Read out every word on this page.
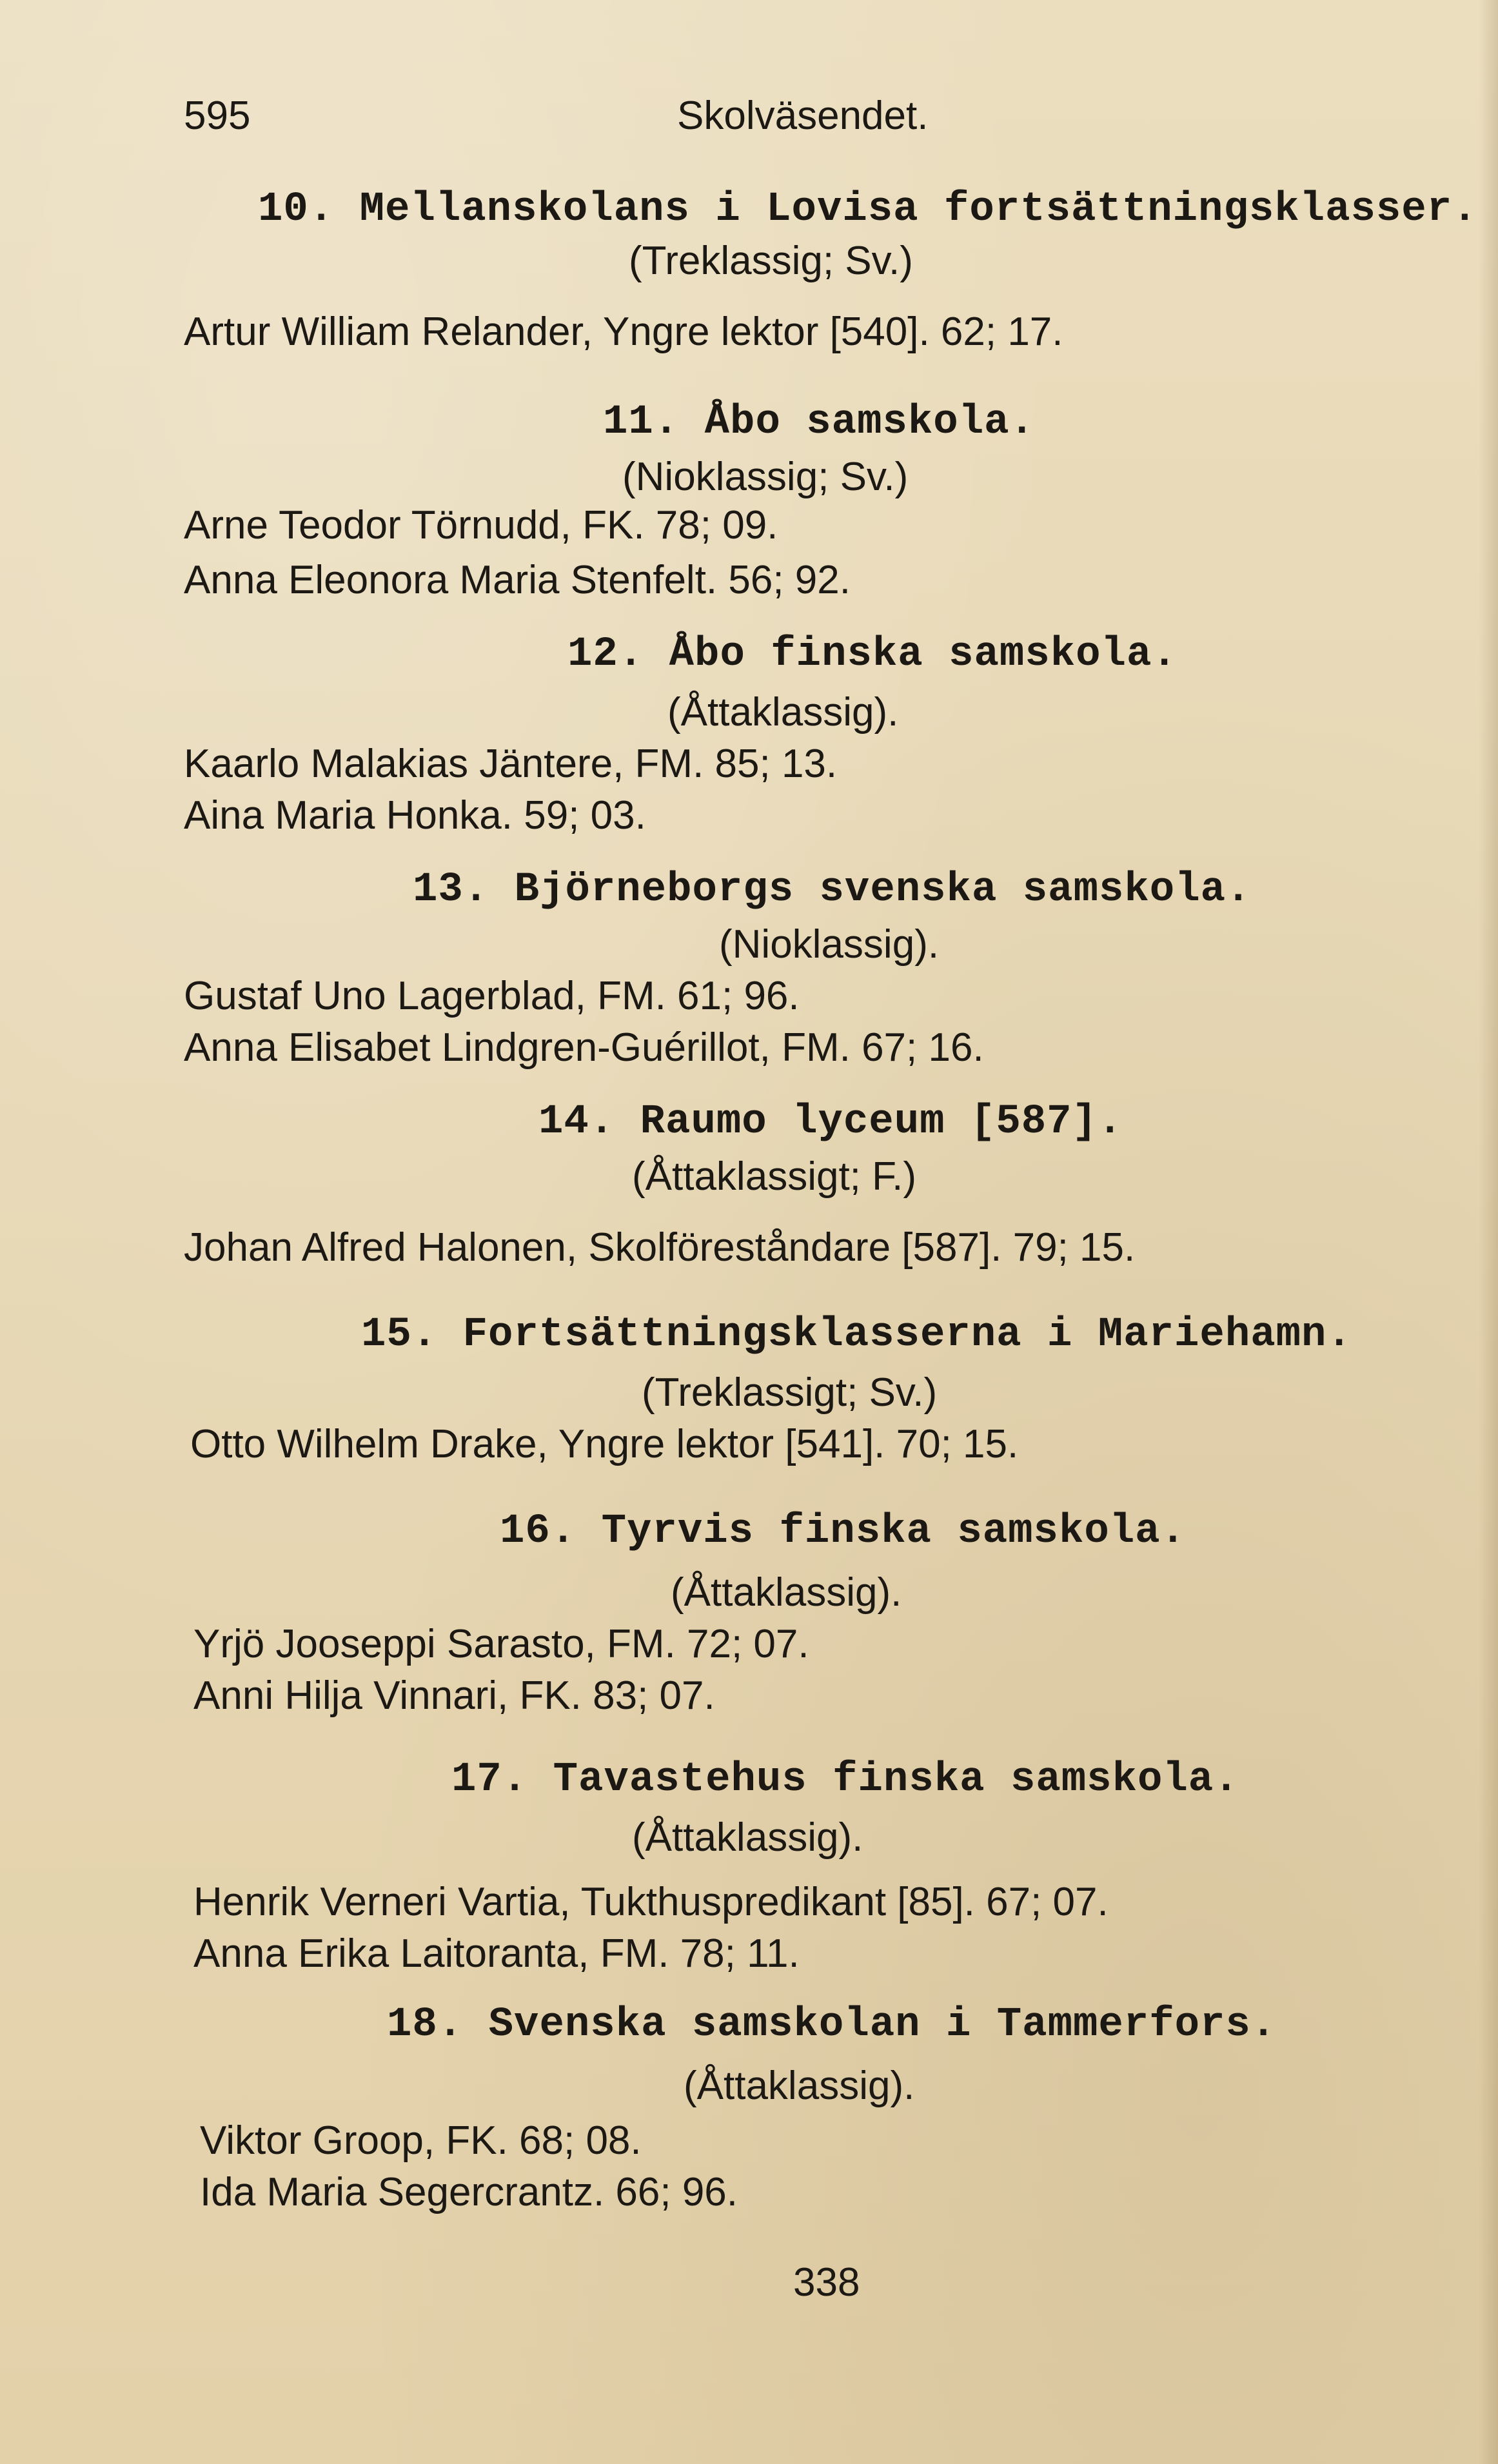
595	Skolväsendet.
10. Mellanskolans i Lovisa fortsättningsklasser.
(Treklassig; Sv.)
Artur William Relander, Yngre lektor [540]. 62; 17.
11. Åbo samskola.
(Nioklassig; Sv.)
Arne Teodor Törnudd, FK. 78; 09.
Anna Eleonora Maria Stenfelt. 56; 92.
12. Åbo finska samskola.
(Åttaklassig).
Kaarlo Malakias Jäntere, FM. 85; 13.
Aina Maria Honka. 59; 03.
13. Björneborgs svenska samskola.
(Nioklassig).
Gustaf Uno Lagerblad, FM. 61; 96.
Anna Elisabet Lindgren-Guérillot, FM. 67; 16.
14. Raumo lyceum [587].
(Åttaklassigt; F.)
Johan Alfred Halonen, Skolföreståndare [587]. 79; 15.
15. Fortsättningsklasserna i Mariehamn.
(Treklassigt; Sv.)
Otto Wilhelm Drake, Yngre lektor [541]. 70; 15.
16. Tyrvis finska samskola.
(Åttaklassig).
Yrjö Jooseppi Sarasto, FM. 72; 07.
Anni Hilja Vinnari, FK. 83; 07.
17. Tavastehus finska samskola.
(Åttaklassig).
Henrik Verneri Vartia, Tukthuspredikant [85]. 67; 07.
Anna Erika Laitoranta, FM. 78; 11.
18. Svenska samskolan i Tammerfors.
(Åttaklassig).
Viktor Groop, FK. 68; 08.
Ida Maria Segercrantz. 66; 96.
338
